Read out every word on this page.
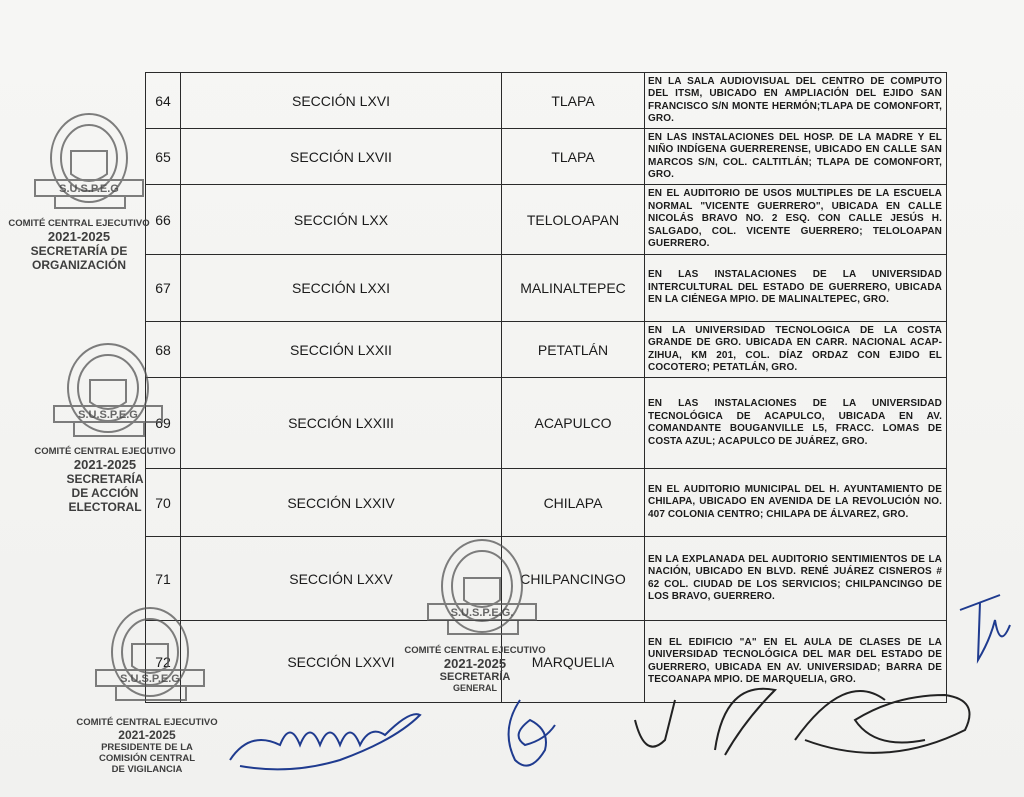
64	SECCIÓN LXVI	TLAPA	EN LA SALA AUDIOVISUAL DEL CENTRO DE COMPUTO DEL ITSM, UBICADO EN AMPLIACIÓN DEL EJIDO SAN FRANCISCO S/N MONTE HERMÓN;TLAPA DE COMONFORT, GRO.
65	SECCIÓN LXVII	TLAPA	EN LAS INSTALACIONES DEL HOSP. DE LA MADRE Y EL NIÑO INDÍGENA GUERRERENSE, UBICADO EN CALLE SAN MARCOS S/N, COL. CALTITLÁN; TLAPA DE COMONFORT, GRO.
66	SECCIÓN LXX	TELOLOAPAN	EN EL AUDITORIO DE USOS MULTIPLES DE LA ESCUELA NORMAL "VICENTE GUERRERO", UBICADA EN CALLE NICOLÁS BRAVO NO. 2 ESQ. CON CALLE JESÚS H. SALGADO, COL. VICENTE GUERRERO; TELOLOAPAN GUERRERO.
67	SECCIÓN LXXI	MALINALTEPEC	EN LAS INSTALACIONES DE LA UNIVERSIDAD INTERCULTURAL DEL ESTADO DE GUERRERO, UBICADA EN LA CIÉNEGA MPIO. DE MALINALTEPEC, GRO.
68	SECCIÓN LXXII	PETATLÁN	EN LA UNIVERSIDAD TECNOLOGICA DE LA COSTA GRANDE DE GRO. UBICADA EN CARR. NACIONAL ACAP-ZIHUA, KM 201, COL. DÍAZ ORDAZ CON EJIDO EL COCOTERO; PETATLÁN, GRO.
69	SECCIÓN LXXIII	ACAPULCO	EN LAS INSTALACIONES DE LA UNIVERSIDAD TECNOLÓGICA DE ACAPULCO, UBICADA EN AV. COMANDANTE BOUGANVILLE L5, FRACC. LOMAS DE COSTA AZUL; ACAPULCO DE JUÁREZ, GRO.
70	SECCIÓN LXXIV	CHILAPA	EN EL AUDITORIO MUNICIPAL DEL H. AYUNTAMIENTO DE CHILAPA, UBICADO EN AVENIDA DE LA REVOLUCIÓN NO. 407 COLONIA CENTRO; CHILAPA DE ÁLVAREZ, GRO.
71	SECCIÓN LXXV	CHILPANCINGO	EN LA EXPLANADA DEL AUDITORIO SENTIMIENTOS DE LA NACIÓN, UBICADO EN BLVD. RENÉ JUÁREZ CISNEROS # 62 COL. CIUDAD DE LOS SERVICIOS; CHILPANCINGO DE LOS BRAVO, GUERRERO.
72	SECCIÓN LXXVI	MARQUELIA	EN EL EDIFICIO "A" EN EL AULA DE CLASES DE LA UNIVERSIDAD TECNOLÓGICA DEL MAR DEL ESTADO DE GUERRERO, UBICADA EN AV. UNIVERSIDAD; BARRA DE TECOANAPA MPIO. DE MARQUELIA, GRO.
S.U.S.P.E.G
COMITÉ CENTRAL EJECUTIVO
2021-2025
SECRETARÍA DE
ORGANIZACIÓN
S.U.S.P.E.G
COMITÉ CENTRAL EJECUTIVO
2021-2025
SECRETARÍA
DE ACCIÓN
ELECTORAL
S.U.S.P.E.G.
COMITÉ CENTRAL EJECUTIVO
2021-2025
SECRETARÍA
GENERAL
S.U.S.P.E.G
COMITÉ CENTRAL EJECUTIVO
2021-2025
PRESIDENTE DE LA
COMISIÓN CENTRAL
DE VIGILANCIA
